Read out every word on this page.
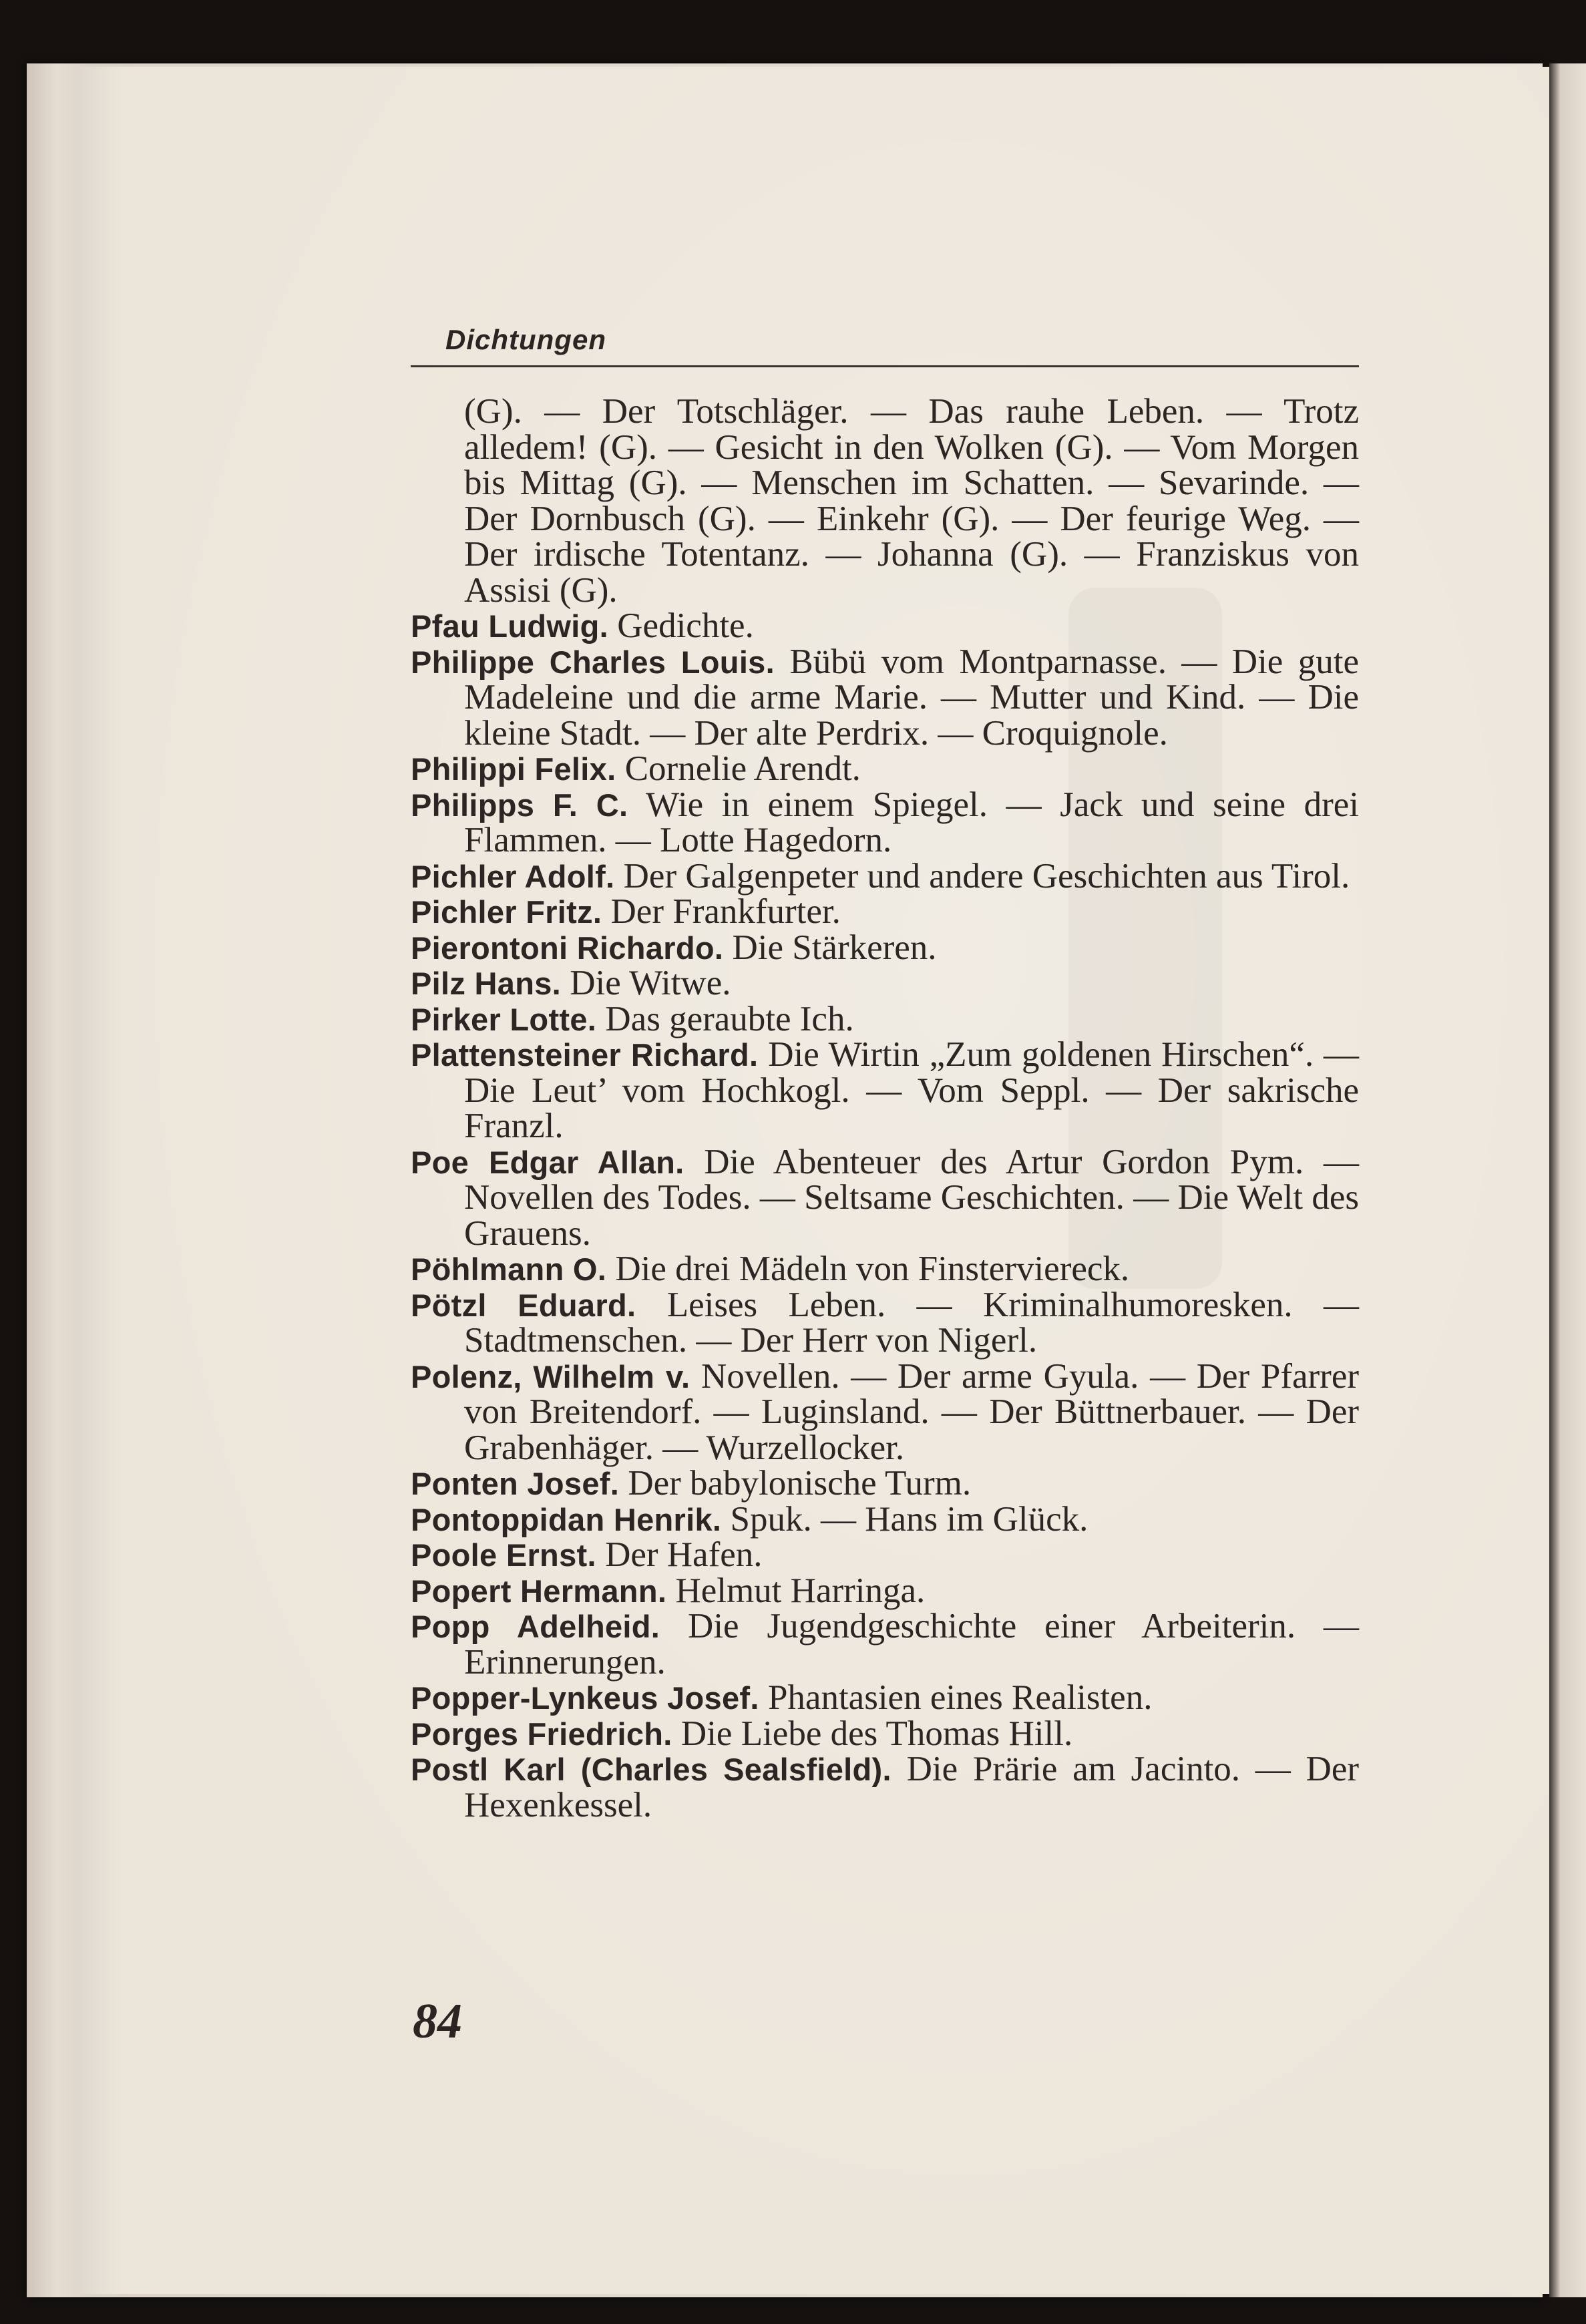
Dichtungen

(G). — Der Totschläger. — Das rauhe Leben. — Trotz alledem! (G). — Gesicht in den Wolken (G). — Vom Morgen bis Mittag (G). — Menschen im Schatten. — Sevarinde. — Der Dornbusch (G). — Einkehr (G). — Der feurige Weg. — Der irdische Totentanz. — Johanna (G). — Franziskus von Assisi (G).

Pfau Ludwig. Gedichte.

Philippe Charles Louis. Bübü vom Montparnasse. — Die gute Madeleine und die arme Marie. — Mutter und Kind. — Die kleine Stadt. — Der alte Perdrix. — Croquignole.

Philippi Felix. Cornelie Arendt.

Philipps F. C. Wie in einem Spiegel. — Jack und seine drei Flammen. — Lotte Hagedorn.

Pichler Adolf. Der Galgenpeter und andere Geschichten aus Tirol.

Pichler Fritz. Der Frankfurter.

Pierontoni Richardo. Die Stärkeren.

Pilz Hans. Die Witwe.

Pirker Lotte. Das geraubte Ich.

Plattensteiner Richard. Die Wirtin „Zum goldenen Hirschen“. — Die Leut’ vom Hochkogl. — Vom Seppl. — Der sakrische Franzl.

Poe Edgar Allan. Die Abenteuer des Artur Gordon Pym. — Novellen des Todes. — Seltsame Geschichten. — Die Welt des Grauens.

Pöhlmann O. Die drei Mädeln von Finsterviereck.

Pötzl Eduard. Leises Leben. — Kriminalhumoresken. — Stadtmenschen. — Der Herr von Nigerl.

Polenz, Wilhelm v. Novellen. — Der arme Gyula. — Der Pfarrer von Breitendorf. — Luginsland. — Der Büttnerbauer. — Der Grabenhäger. — Wurzellocker.

Ponten Josef. Der babylonische Turm.

Pontoppidan Henrik. Spuk. — Hans im Glück.

Poole Ernst. Der Hafen.

Popert Hermann. Helmut Harringa.

Popp Adelheid. Die Jugendgeschichte einer Arbeiterin. — Erinnerungen.

Popper-Lynkeus Josef. Phantasien eines Realisten.

Porges Friedrich. Die Liebe des Thomas Hill.

Postl Karl (Charles Sealsfield). Die Prärie am Jacinto. — Der Hexenkessel.

84
